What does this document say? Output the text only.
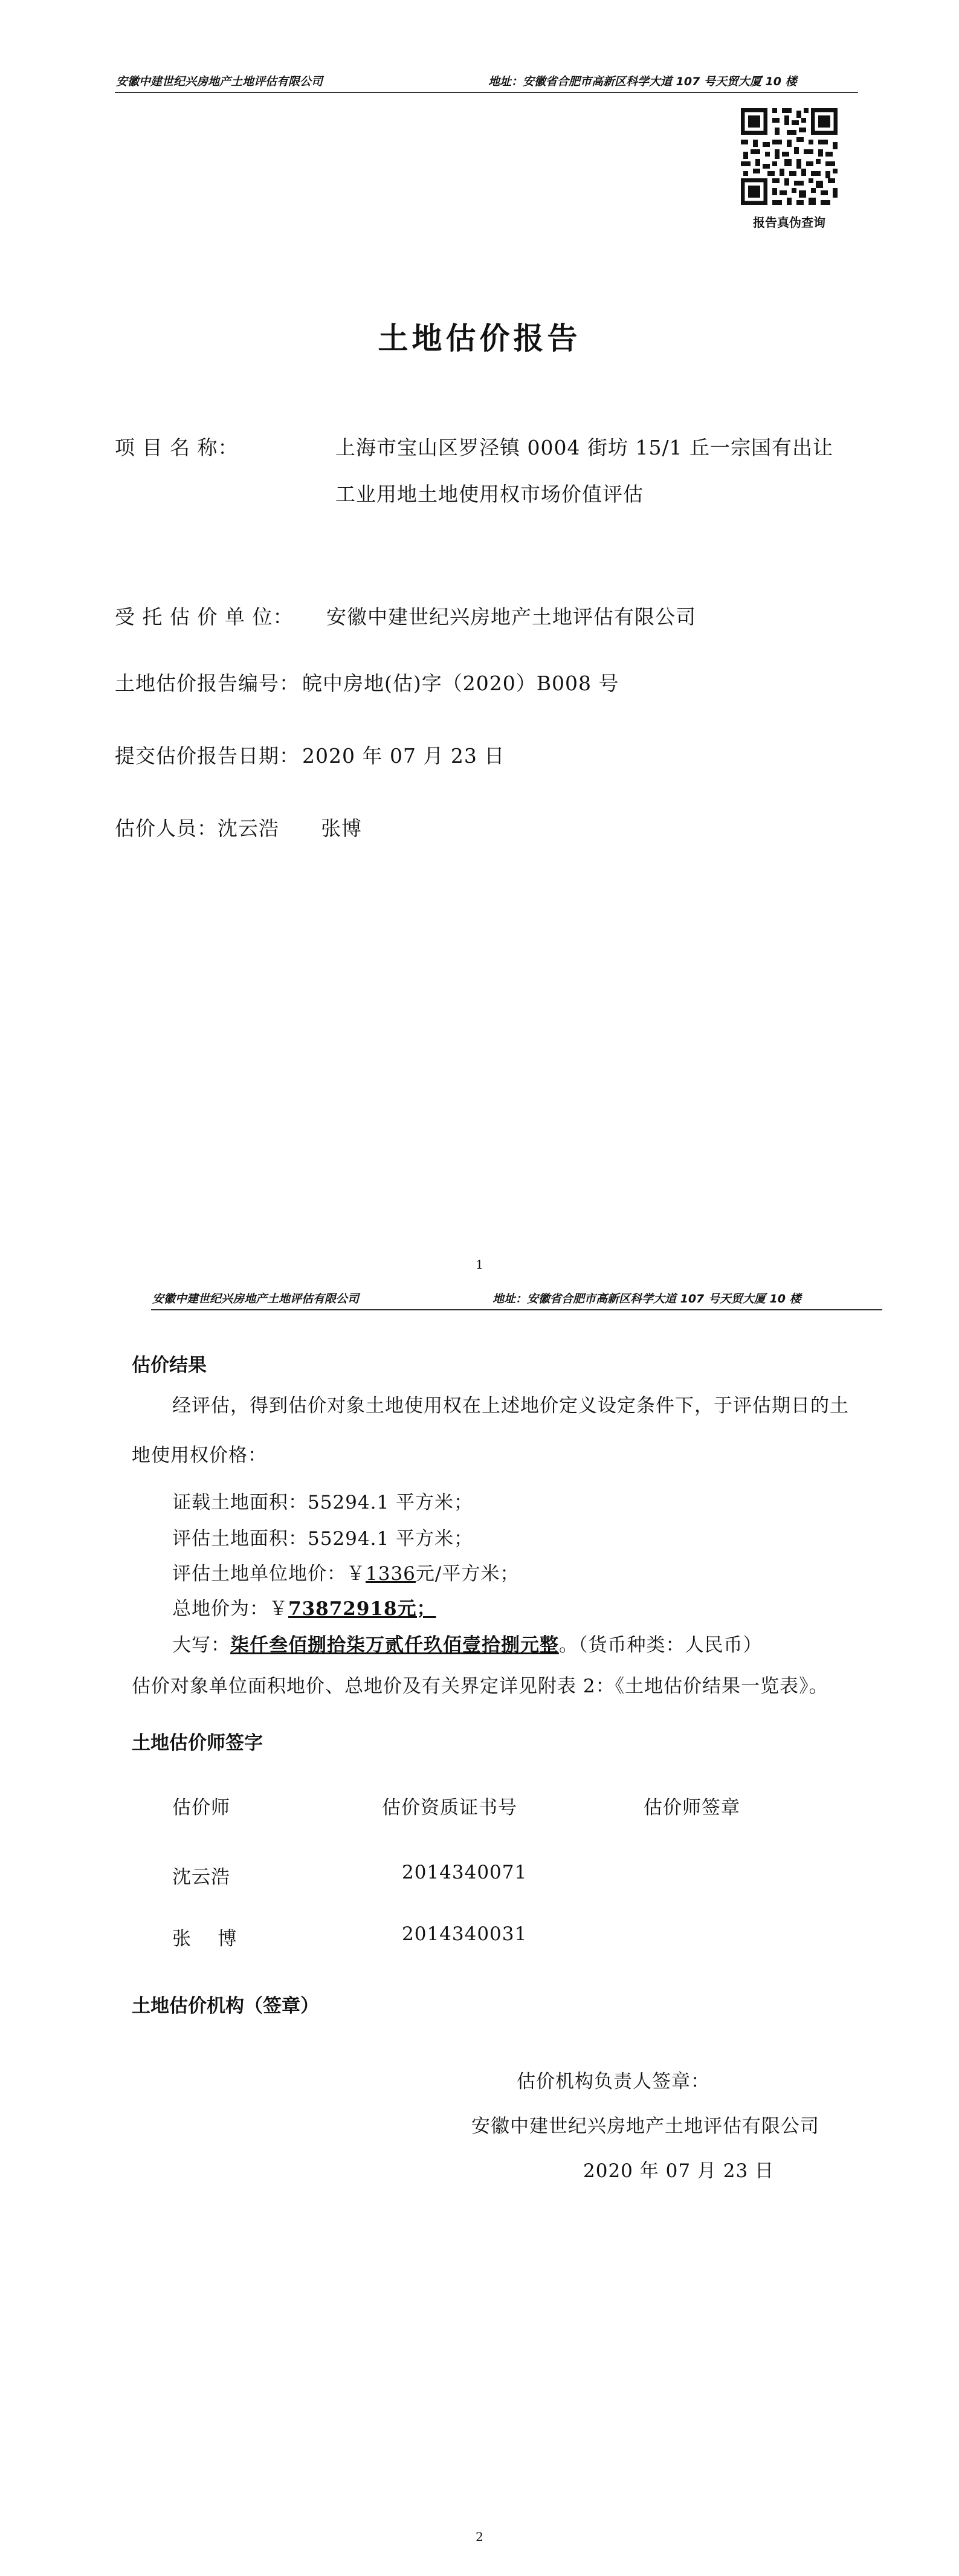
安徽中建世纪兴房地产土地评估有限公司	地址：安徽省合肥市高新区科学大道 107 号天贸大厦 10 楼
报告真伪查询
土地估价报告
项 目 名 称：	上海市宝山区罗泾镇 0004 街坊 15/1 丘一宗国有出让
工业用地土地使用权市场价值评估
受 托 估 价 单 位： 安徽中建世纪兴房地产土地评估有限公司
土地估价报告编号： 皖中房地(估)字（2020）B008 号
提交估价报告日期： 2020 年 07 月 23 日
估价人员： 沈云浩      张博
1
安徽中建世纪兴房地产土地评估有限公司	地址：安徽省合肥市高新区科学大道 107 号天贸大厦 10 楼
估价结果
经评估，得到估价对象土地使用权在上述地价定义设定条件下，于评估期日的土
地使用权价格：
证载土地面积：55294.1 平方米；
评估土地面积：55294.1 平方米；
评估土地单位地价：￥1336元/平方米；
总地价为：￥73872918元；
大写：柒仟叁佰捌拾柒万贰仟玖佰壹拾捌元整。（货币种类：人民币）
估价对象单位面积地价、总地价及有关界定详见附表 2：《土地估价结果一览表》。
土地估价师签字
估价师	估价资质证书号	估价师签章
沈云浩	2014340071
张    博	2014340031
土地估价机构（签章）
估价机构负责人签章：
安徽中建世纪兴房地产土地评估有限公司
2020 年 07 月 23 日
2
